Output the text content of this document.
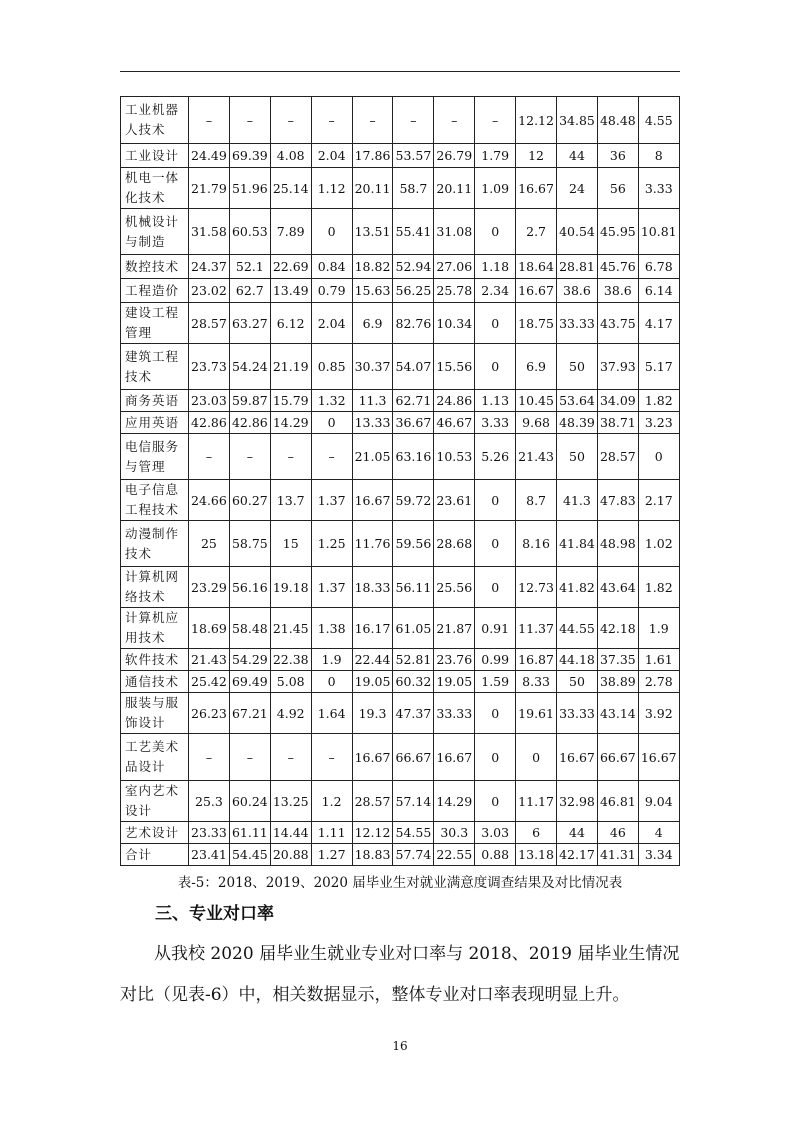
工业机器人技术	–	–	–	–	–	–	–	–	12.12	34.85	48.48	4.55
工业设计	24.49	69.39	4.08	2.04	17.86	53.57	26.79	1.79	12	44	36	8
机电一体化技术	21.79	51.96	25.14	1.12	20.11	58.7	20.11	1.09	16.67	24	56	3.33
机械设计与制造	31.58	60.53	7.89	0	13.51	55.41	31.08	0	2.7	40.54	45.95	10.81
数控技术	24.37	52.1	22.69	0.84	18.82	52.94	27.06	1.18	18.64	28.81	45.76	6.78
工程造价	23.02	62.7	13.49	0.79	15.63	56.25	25.78	2.34	16.67	38.6	38.6	6.14
建设工程管理	28.57	63.27	6.12	2.04	6.9	82.76	10.34	0	18.75	33.33	43.75	4.17
建筑工程技术	23.73	54.24	21.19	0.85	30.37	54.07	15.56	0	6.9	50	37.93	5.17
商务英语	23.03	59.87	15.79	1.32	11.3	62.71	24.86	1.13	10.45	53.64	34.09	1.82
应用英语	42.86	42.86	14.29	0	13.33	36.67	46.67	3.33	9.68	48.39	38.71	3.23
电信服务与管理	–	–	–	–	21.05	63.16	10.53	5.26	21.43	50	28.57	0
电子信息工程技术	24.66	60.27	13.7	1.37	16.67	59.72	23.61	0	8.7	41.3	47.83	2.17
动漫制作技术	25	58.75	15	1.25	11.76	59.56	28.68	0	8.16	41.84	48.98	1.02
计算机网络技术	23.29	56.16	19.18	1.37	18.33	56.11	25.56	0	12.73	41.82	43.64	1.82
计算机应用技术	18.69	58.48	21.45	1.38	16.17	61.05	21.87	0.91	11.37	44.55	42.18	1.9
软件技术	21.43	54.29	22.38	1.9	22.44	52.81	23.76	0.99	16.87	44.18	37.35	1.61
通信技术	25.42	69.49	5.08	0	19.05	60.32	19.05	1.59	8.33	50	38.89	2.78
服装与服饰设计	26.23	67.21	4.92	1.64	19.3	47.37	33.33	0	19.61	33.33	43.14	3.92
工艺美术品设计	–	–	–	–	16.67	66.67	16.67	0	0	16.67	66.67	16.67
室内艺术设计	25.3	60.24	13.25	1.2	28.57	57.14	14.29	0	11.17	32.98	46.81	9.04
艺术设计	23.33	61.11	14.44	1.11	12.12	54.55	30.3	3.03	6	44	46	4
合计	23.41	54.45	20.88	1.27	18.83	57.74	22.55	0.88	13.18	42.17	41.31	3.34
表-5：2018、2019、2020 届毕业生对就业满意度调查结果及对比情况表
三、专业对口率
从我校 2020 届毕业生就业专业对口率与 2018、2019 届毕业生情况对比（见表-6）中，相关数据显示，整体专业对口率表现明显上升。
16
